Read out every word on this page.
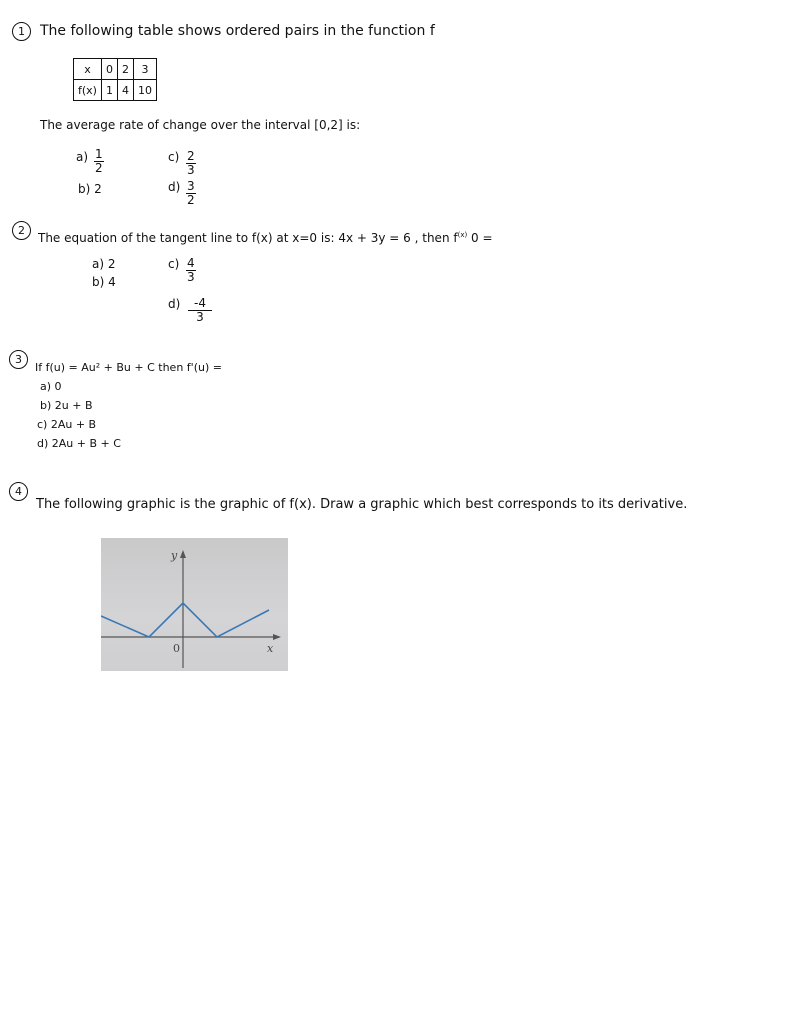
1	The following table shows ordered pairs in the function f
x	0	2	3
f(x)	1	4	10
The average rate of change over the interval [0,2] is:
$a) \frac{1}{2}$
b) 2
$c) \frac{2}{3}$
$d) \frac{3}{2}$
2
The equation of the tangent line to f(x) at x=0 is: 4x + 3y = 6 , then $f^{(x)}$ 0 =
a) 2
b) 4
$c) \frac{4}{3}$
$d) \frac{-4}{3}$
3
If f(u) = Au² + Bu + C then f'(u) =
a) 0
b) 2u + B
c) 2Au + B
d) 2Au + B + C
4
The following graphic is the graphic of f(x). Draw a graphic which best corresponds to its derivative.
y
x
0
